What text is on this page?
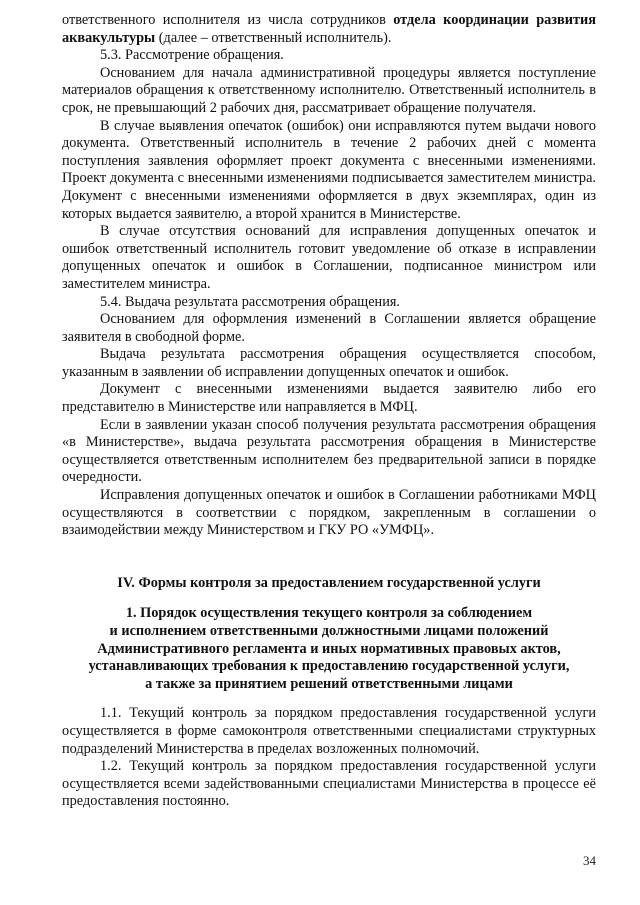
ответственного исполнителя из числа сотрудников отдела координации развития аквакультуры (далее – ответственный исполнитель).

5.3. Рассмотрение обращения.

Основанием для начала административной процедуры является поступление материалов обращения к ответственному исполнителю. Ответственный исполнитель в срок, не превышающий 2 рабочих дня, рассматривает обращение получателя.

В случае выявления опечаток (ошибок) они исправляются путем выдачи нового документа. Ответственный исполнитель в течение 2 рабочих дней с момента поступления заявления оформляет проект документа с внесенными изменениями. Проект документа с внесенными изменениями подписывается заместителем министра. Документ с внесенными изменениями оформляется в двух экземплярах, один из которых выдается заявителю, а второй хранится в Министерстве.

В случае отсутствия оснований для исправления допущенных опечаток и ошибок ответственный исполнитель готовит уведомление об отказе в исправлении допущенных опечаток и ошибок в Соглашении, подписанное министром или заместителем министра.

5.4. Выдача результата рассмотрения обращения.

Основанием для оформления изменений в Соглашении является обращение заявителя в свободной форме.

Выдача результата рассмотрения обращения осуществляется способом, указанным в заявлении об исправлении допущенных опечаток и ошибок.

Документ с внесенными изменениями выдается заявителю либо его представителю в Министерстве или направляется в МФЦ.

Если в заявлении указан способ получения результата рассмотрения обращения «в Министерстве», выдача результата рассмотрения обращения в Министерстве осуществляется ответственным исполнителем без предварительной записи в порядке очередности.

Исправления допущенных опечаток и ошибок в Соглашении работниками МФЦ осуществляются в соответствии с порядком, закрепленным в соглашении о взаимодействии между Министерством и ГКУ РО «УМФЦ».

IV. Формы контроля за предоставлением государственной услуги

1. Порядок осуществления текущего контроля за соблюдением
и исполнением ответственными должностными лицами положений
Административного регламента и иных нормативных правовых актов,
устанавливающих требования к предоставлению государственной услуги,
а также за принятием решений ответственными лицами

1.1. Текущий контроль за порядком предоставления государственной услуги осуществляется в форме самоконтроля ответственными специалистами структурных подразделений Министерства в пределах возложенных полномочий.

1.2. Текущий контроль за порядком предоставления государственной услуги осуществляется всеми задействованными специалистами Министерства в процессе её предоставления постоянно.

34
